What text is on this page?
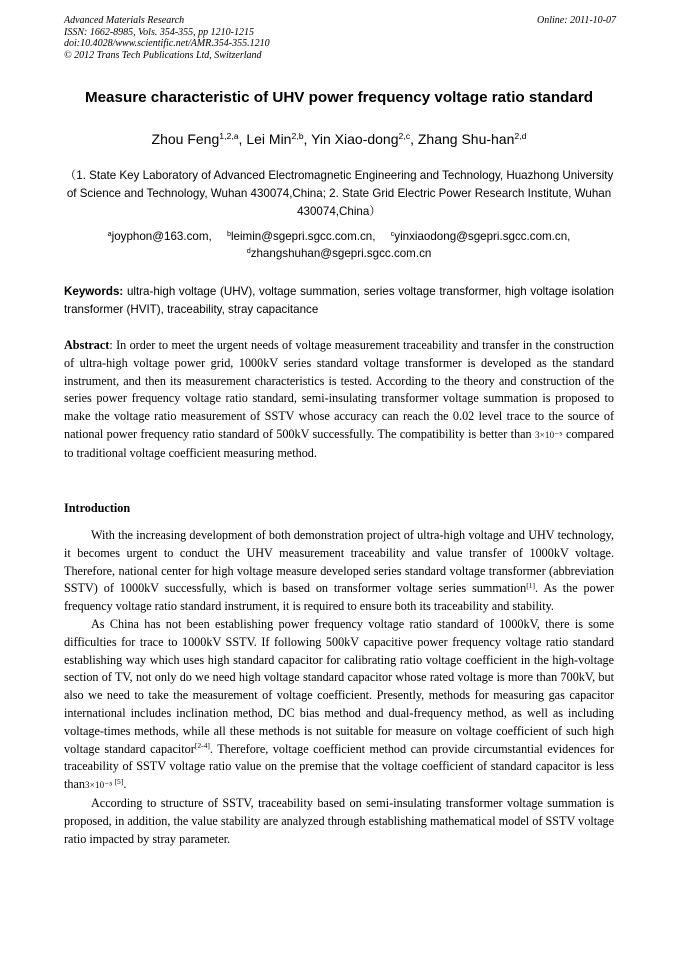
Advanced Materials Research
ISSN: 1662-8985, Vols. 354-355, pp 1210-1215
doi:10.4028/www.scientific.net/AMR.354-355.1210
© 2012 Trans Tech Publications Ltd, Switzerland
Online: 2011-10-07
Measure characteristic of UHV power frequency voltage ratio standard
Zhou Feng$^{1,2,a}$, Lei Min$^{2,b}$, Yin Xiao-dong$^{2,c}$, Zhang Shu-han$^{2,d}$
（1. State Key Laboratory of Advanced Electromagnetic Engineering and Technology, Huazhong University of Science and Technology, Wuhan 430074,China; 2. State Grid Electric Power Research Institute, Wuhan 430074,China）
$^a$joyphon@163.com, $^b$leimin@sgepri.sgcc.com.cn, $^c$yinxiaodong@sgepri.sgcc.com.cn,
$^d$zhangshuhan@sgepri.sgcc.com.cn
Keywords: ultra-high voltage (UHV), voltage summation, series voltage transformer, high voltage isolation transformer (HVIT), traceability, stray capacitance
Abstract: In order to meet the urgent needs of voltage measurement traceability and transfer in the construction of ultra-high voltage power grid, 1000kV series standard voltage transformer is developed as the standard instrument, and then its measurement characteristics is tested. According to the theory and construction of the series power frequency voltage ratio standard, semi-insulating transformer voltage summation is proposed to make the voltage ratio measurement of SSTV whose accuracy can reach the 0.02 level trace to the source of national power frequency ratio standard of 500kV successfully. The compatibility is better than 3×10⁻⁵ compared to traditional voltage coefficient measuring method.
Introduction

With the increasing development of both demonstration project of ultra-high voltage and UHV technology, it becomes urgent to conduct the UHV measurement traceability and value transfer of 1000kV voltage. Therefore, national center for high voltage measure developed series standard voltage transformer (abbreviation SSTV) of 1000kV successfully, which is based on transformer voltage series summation[1]. As the power frequency voltage ratio standard instrument, it is required to ensure both its traceability and stability.

As China has not been establishing power frequency voltage ratio standard of 1000kV, there is some difficulties for trace to 1000kV SSTV. If following 500kV capacitive power frequency voltage ratio standard establishing way which uses high standard capacitor for calibrating ratio voltage coefficient in the high-voltage section of TV, not only do we need high voltage standard capacitor whose rated voltage is more than 700kV, but also we need to take the measurement of voltage coefficient. Presently, methods for measuring gas capacitor international includes inclination method, DC bias method and dual-frequency method, as well as including voltage-times methods, while all these methods is not suitable for measure on voltage coefficient of such high voltage standard capacitor[2-4]. Therefore, voltage coefficient method can provide circumstantial evidences for traceability of SSTV voltage ratio value on the premise that the voltage coefficient of standard capacitor is less than3×10⁻⁵ [5].

According to structure of SSTV, traceability based on semi-insulating transformer voltage summation is proposed, in addition, the value stability are analyzed through establishing mathematical model of SSTV voltage ratio impacted by stray parameter.
